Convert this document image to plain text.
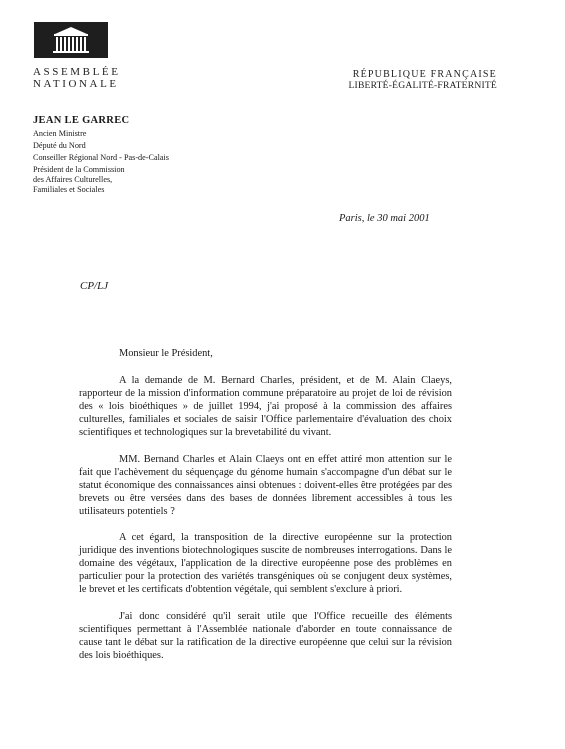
ASSEMBLÉE
NATIONALE
RÉPUBLIQUE FRANÇAISE
LIBERTÉ-ÉGALITÉ-FRATERNITÉ
JEAN LE GARREC
Ancien Ministre
Député du Nord
Conseiller Régional Nord - Pas-de-Calais
Président de la Commission
des Affaires Culturelles,
Familiales et Sociales
Paris, le 30 mai 2001
CP/LJ

Monsieur le Président,

A la demande de M. Bernard Charles, président, et de M. Alain Claeys, rapporteur de la mission d'information commune préparatoire au projet de loi de révision des « lois bioéthiques » de juillet 1994, j'ai proposé à la commission des affaires culturelles, familiales et sociales de saisir l'Office parlementaire d'évaluation des choix scientifiques et technologiques sur la brevetabilité du vivant.

MM. Bernand Charles et Alain Claeys ont en effet attiré mon attention sur le fait que l'achèvement du séquençage du génome humain s'accompagne d'un débat sur le statut économique des connaissances ainsi obtenues : doivent-elles être protégées par des brevets ou être versées dans des bases de données librement accessibles à tous les utilisateurs potentiels ?

A cet égard, la transposition de la directive européenne sur la protection juridique des inventions biotechnologiques suscite de nombreuses interrogations. Dans le domaine des végétaux, l'application de la directive européenne pose des problèmes en particulier pour la protection des variétés transgéniques où se conjugent deux systèmes, le brevet et les certificats d'obtention végétale, qui semblent s'exclure à priori.

J'ai donc considéré qu'il serait utile que l'Office recueille des éléments scientifiques permettant à l'Assemblée nationale d'aborder en toute connaissance de cause tant le débat sur la ratification de la directive européenne que celui sur la révision des lois bioéthiques.
